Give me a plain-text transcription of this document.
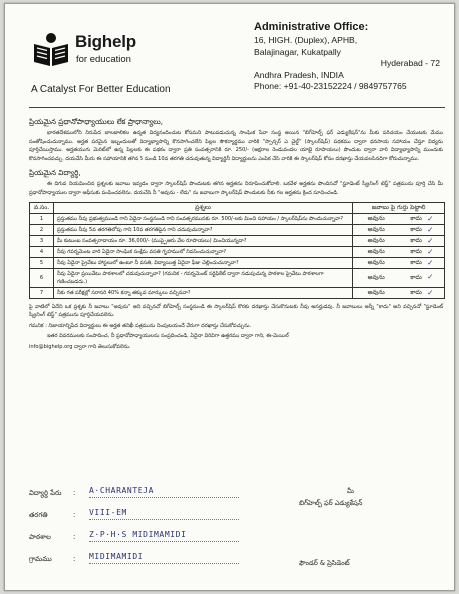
Bighelp
for education
A Catalyst For Better Education
Administrative Office:
16, HIGH. (Duplex), APHB,
Balajinagar, Kukatpally
Hyderabad - 72
Andhra Pradesh, INDIA
Phone: +91-40-23152224 / 9849757765
ప్రియమైన ప్రధానోపాధ్యాయులు లేక ప్రాధాన్యాలు,
భారతదేశములోని నిరుపేద బాలబాలికల ఉన్నత విద్యనందించుట కోసమని పాటుపడుచున్న సాంఘిక సేవా సంస్థ అయిన "బిగ్‌హెల్ప్ ఫర్ ఎడ్యుకేషన్"ను మీకు పరిచయం చేయుటకు మేము సంతోషించుచున్నాము. అర్హత పరమైన ఇబ్బందులతో విద్యాభ్యాసాన్ని కొనసాగించలేని పిల్లల సౌకర్యార్థము వారికి "స్పాన్సర్ ఎ చైల్డ్" (స్కాలర్‌షిప్) పథకము ద్వారా ధనసాయ సహాయం చేస్తూ విద్యను పూర్తిచేయిస్తాము. అర్హతయుగు మెరిట్‌లో ఉన్న పిల్లలకు ఈ పథకం ద్వారా ప్రతి సంవత్సరానికి రూ. 250/- (అక్షరాల రెండువందల యాభై రూపాయలు) పొందుట ద్వారా వారి విద్యాభ్యాసాన్ని ముందుకు కొనసాగించవచ్చు. దయచేసి మీరు ఈ సహాయానికి తగిన 5 నుండి 10వ తరగతి చదువుతున్న విద్యార్థినీ విద్యార్థులను ఎంపిక చేసి వారికి ఈ స్కాలర్‌షిప్ కోసం దరఖాస్తు చేయవలసినదిగా కోరుచున్నాము.
ప్రియమైన విద్యార్థి,
ఈ దిగువ నియమించిన ప్రశ్నలకు జవాబు ఇవ్వడం ద్వారా స్కాలర్‌షిప్ పొందుటకు తగిన అర్హతను నిరూపించుకోవాలి. ఒకవేళ అర్హతను పొందినచో "స్టూడెంట్ స్క్రీనింగ్ టెస్ట్" పత్రమును పూర్తి చేసి మీ ప్రధానోపాధ్యాయుల ద్వారా ఆఫీసుకు పంపించవలెను. దయచేసి నీ "అవును - లేదు" ను జవాబుగా స్కాలర్‌షిప్ పొందుటకు నీకు గల అర్హతను క్రింద సూచించండి.
వ.సం.	ప్రశ్నలు	జవాబు పై గుర్తు పెట్టాలి
1	ప్రస్తుతము నీవు ప్రభుత్వముండి గాని ఏదైనా సంస్థనుండి గాని సంవత్సరమునకు రూ. 500/-లకు మించి సహాయం / స్కాలర్‌షిప్‌ను పొందుచున్నావా?	అవును కాదు ✓

2	ప్రస్తుతము నీవు 5వ తరగతిలోపు గాని 10వ తరగతిపైన గాని చదువుచున్నావా?	అవును కాదు ✓

3	మీ కుటుంబ సంవత్సరాదాయం రూ. 36,000/- (ముప్పైఆరు వేల రూపాయలు) మించియున్నదా?	అవును కాదు ✓

4	నీవు గవర్నమెంట వారి ఏదైనా సాంఘిక సంక్షేమ వసతి గృహములో నివసించుచున్నావా?	అవును కాదు ✓

5	నీవు ఏదైనా ప్రైవేటు హాస్టలులో ఉంటూ నీ వసతి, విద్యాయిత్త ఏదైనా ఫీజు చెల్లించుచున్నావా?	అవును కాదు ✓

6	నీవు ఏదైనా ప్రయివేటు పాఠశాలలో చదువుచున్నావా? (గమనిక - గవర్నమెంట్ సర్టిఫికేట్ ద్వారా నడుపుచున్న పాఠశాల ప్రైవేటు పాఠశాలగా గణించబడదు.)	అవును కాదు ✓

7	నీకు గత పరీక్షల్లో సరాసరి 40% కన్నా తక్కువ మార్కులు వచ్చినవా?	అవును కాదు ✓
పై వాటిలో ఏదేని ఒక ప్రశ్నకు నీ జవాబు "అవును" అని వచ్చినచో బిగ్‌హెల్ప్ సంస్థనుండి ఈ స్కాలర్‌షిప్ కొరకు దరఖాస్తు చేసుకొనుటకు నీవు అనర్హుడవు. నీ జవాబులు అన్నీ "కాదు" అని వచ్చినచో "స్టూడెంట్ స్క్రీనింగ్ టెస్ట్" పత్రమును పూర్తిచేయవలెను.
గమనిక : నిజాయాన్నిపేద విద్యార్థులు ఈ అర్హత తనిఖీ పత్రమును నింపుటయందే వేరుగా దరఖాస్తు చేసుకోవచ్చును.
ఇతర వివరములకు సంపాదించ, నీ ప్రధానోపాధ్యాయులను సంప్రదించండి, ఏదైనా విరివిగా ఉత్తరము ద్వారా గాని, ఈ-మెయిల్
info@bighelp.org ద్వారా గాని తెలుసుకోవలెను.
విద్యార్థి పేరు	: A·CHARANTEJA
తరగతి	: VIII-EM
పాఠశాల	: Z·P·H·S MIDIMAMIDI
గ్రామము	: MIDIMAMIDI
మీ
బిగ్‌హెల్ప్ ఫర్ ఎడ్యుకేషన్
ఫౌండర్ & ప్రెసిడెంట్
